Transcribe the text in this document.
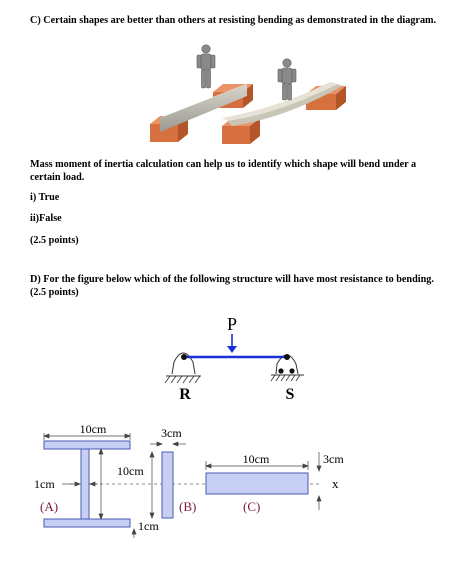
C) Certain shapes are better than others at resisting bending as demonstrated in the diagram.

Mass moment of inertia calculation can help us to identify which shape will bend under a certain load.

i) True

ii)False

(2.5 points)

D) For the figure below which of the following structure will have most resistance to bending. (2.5 points)

P
R	S
10cm
1cm
10cm
(A)
3cm
1cm
(B)
10cm	3cm
x
(C)
